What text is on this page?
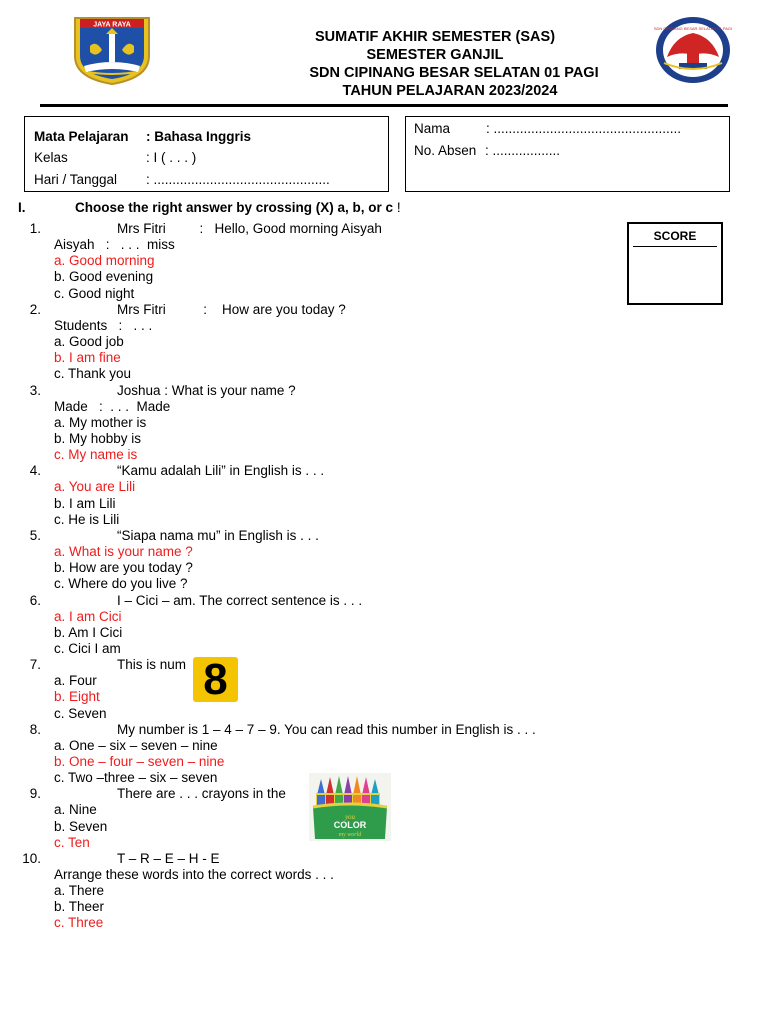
JAYA RAYA	SDN CIPINANG BESAR SELATAN 01 PAGI
SUMATIF AKHIR SEMESTER (SAS)
SEMESTER GANJIL
SDN CIPINANG BESAR SELATAN 01 PAGI
TAHUN PELAJARAN 2023/2024
Mata Pelajaran : Bahasa Inggris
Kelas	: I ( . . . )
Hari / Tanggal : ...............................................
Nama	: ..................................................
No. Absen : ..................
I.	Choose the right answer by crossing (X) a, b, or c !
SCORE
1.	Mrs Fitri         :   Hello, Good morning Aisyah
Aisyah   :   . . .  miss
a. Good morning
b. Good evening
c. Good night
2.	Mrs Fitri          :    How are you today ?
Students   :   . . .
a. Good job
b. I am fine
c. Thank you
3.	Joshua : What is your name ?
Made   :  . . .  Made
a. My mother is
b. My hobby is
c. My name is
4.	“Kamu adalah Lili” in English is . . .
a. You are Lili
b. I am Lili
c. He is Lili
5.	“Siapa nama mu” in English is . . .
a. What is your name ?
b. How are you today ?
c. Where do you live ?
6.	I – Cici – am. The correct sentence is . . .
a. I am Cici
b. Am I Cici
c. Cici I am
7.	This is num
a. Four
b. Eight
c. Seven
8.	My number is 1 – 4 – 7 – 9. You can read this number in English is . . .
a. One – six – seven – nine
b. One – four – seven – nine
c. Two –three – six – seven
9.	There are . . . crayons in the
a. Nine
b. Seven
c. Ten
10.	T – R – E – H - E
Arrange these words into the correct words . . .
a. There
b. Theer
c. Three
8
you
COLOR
my world
